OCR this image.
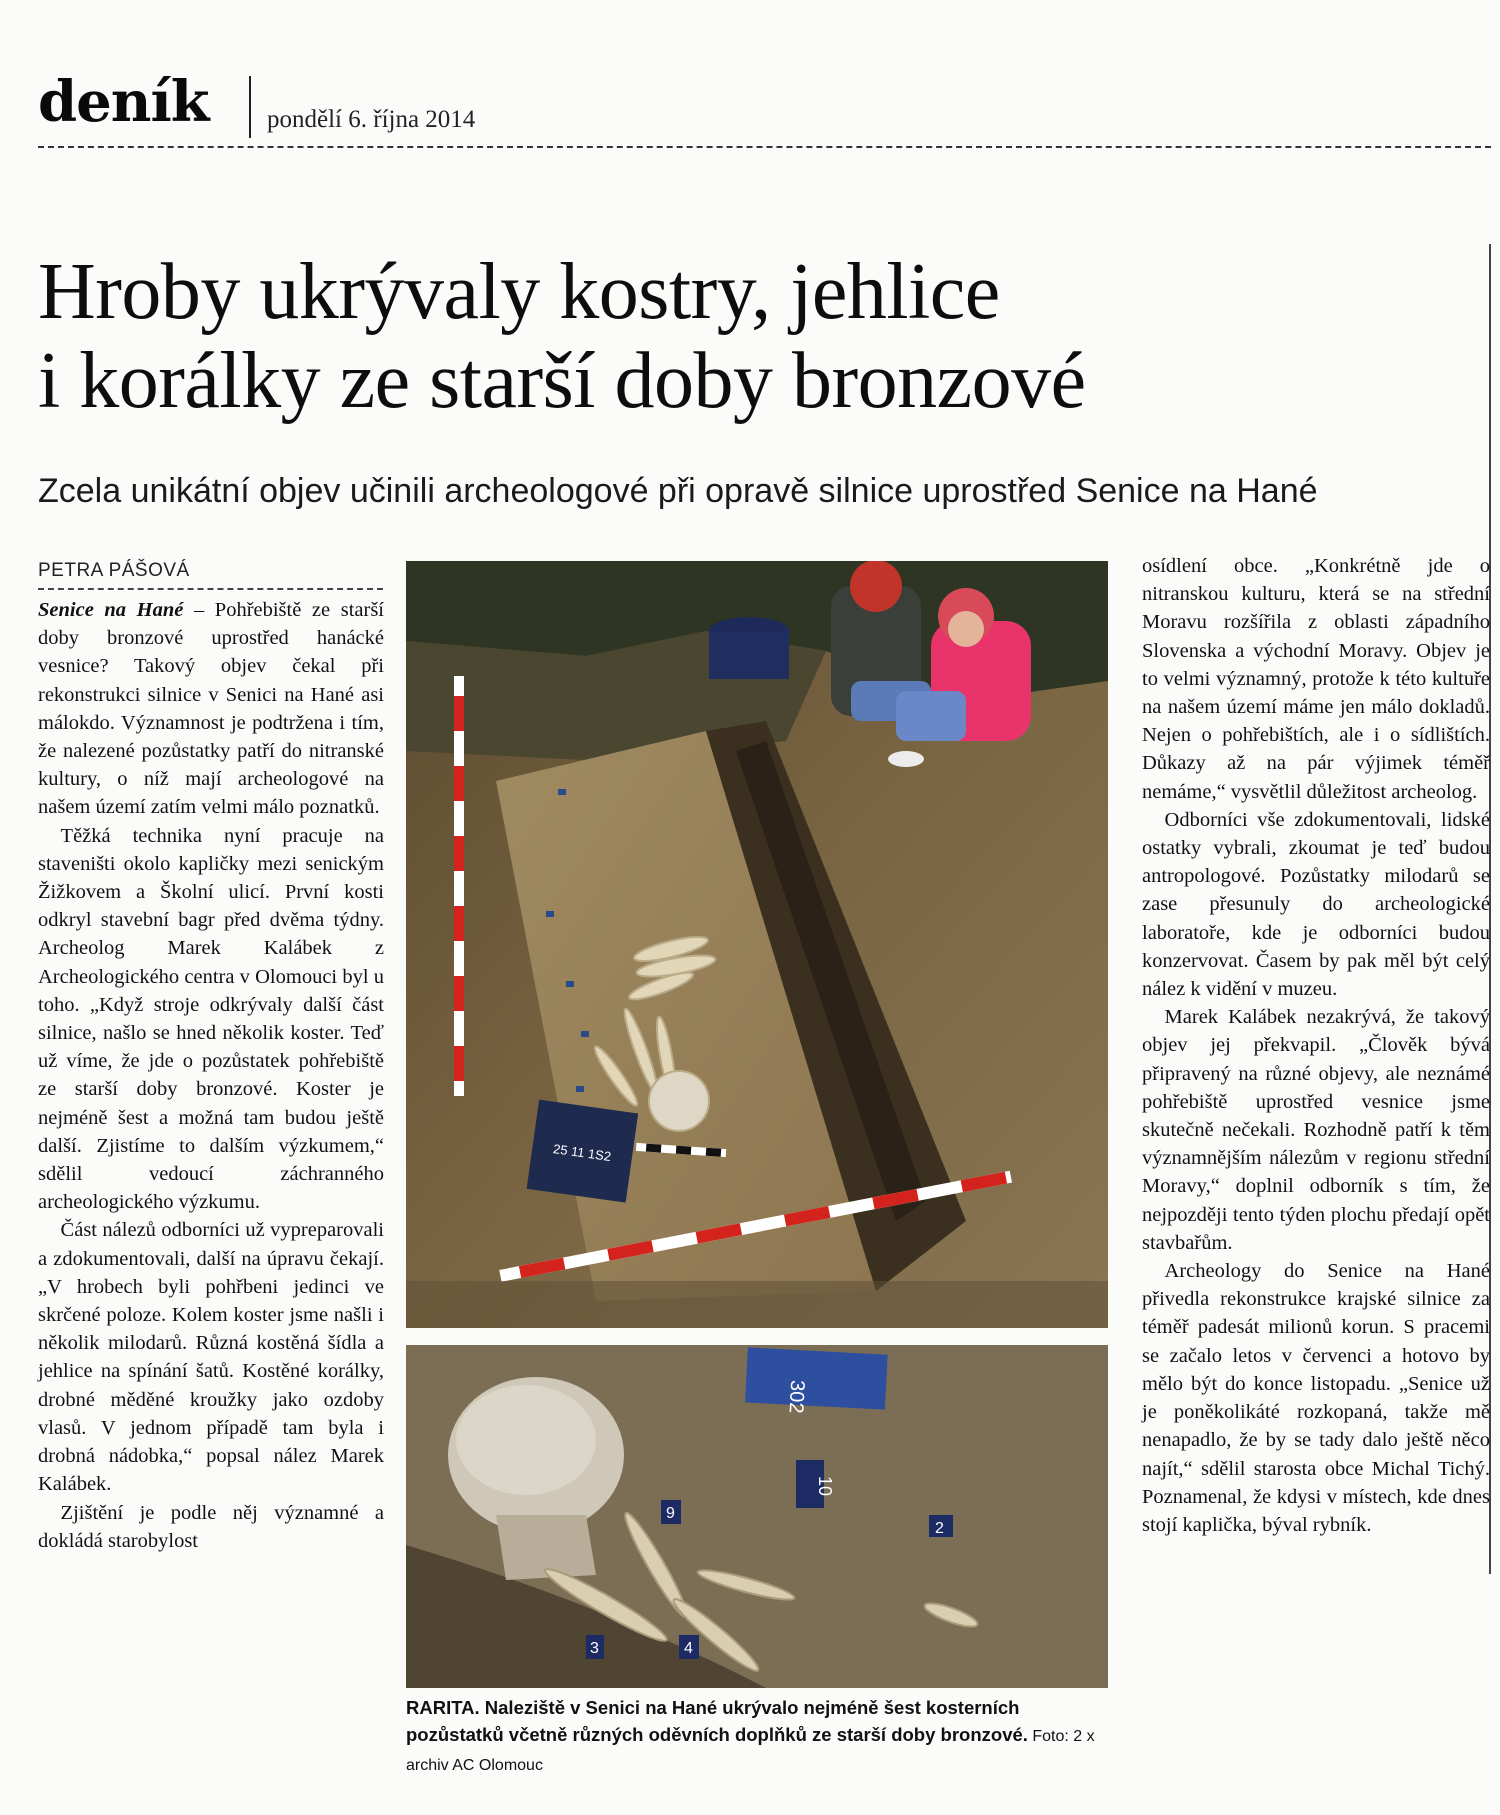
deník pondělí 6. října 2014
Hroby ukrývaly kostry, jehlice
i korálky ze starší doby bronzové
Zcela unikátní objev učinili archeologové při opravě silnice uprostřed Senice na Hané
PETRA PÁŠOVÁ

Senice na Hané – Pohřebiště ze starší doby bronzové uprostřed hanácké vesnice? Takový objev čekal při rekonstrukci silnice v Senici na Hané asi málokdo. Významnost je podtržena i tím, že nalezené pozůstatky patří do nitranské kultury, o níž mají archeologové na našem území zatím velmi málo poznatků.

Těžká technika nyní pracuje na staveništi okolo kapličky mezi senickým Žižkovem a Školní ulicí. První kosti odkryl stavební bagr před dvěma týdny. Archeolog Marek Kalábek z Archeologického centra v Olomouci byl u toho. „Když stroje odkrývaly další část silnice, našlo se hned několik koster. Teď už víme, že jde o pozůstatek pohřebiště ze starší doby bronzové. Koster je nejméně šest a možná tam budou ještě další. Zjistíme to dalším výzkumem,“ sdělil vedoucí záchranného archeologického výzkumu.

Část nálezů odborníci už vypreparovali a zdokumentovali, další na úpravu čekají. „V hrobech byli pohřbeni jedinci ve skrčené poloze. Kolem koster jsme našli i několik milodarů. Různá kostěná šídla a jehlice na spínání šatů. Kostěné korálky, drobné měděné kroužky jako ozdoby vlasů. V jednom případě tam byla i drobná nádobka,“ popsal nález Marek Kalábek.

Zjištění je podle něj významné a dokládá starobylost

25 11 1S2
302
10
9
2
3	4
RARITA. Naleziště v Senici na Hané ukrývalo nejméně šest kosterních pozůstatků včetně různých oděvních doplňků ze starší doby bronzové. Foto: 2 x archiv AC Olomouc

osídlení obce. „Konkrétně jde o nitranskou kulturu, která se na střední Moravu rozšířila z oblasti západního Slovenska a východní Moravy. Objev je to velmi významný, protože k této kultuře na našem území máme jen málo dokladů. Nejen o pohřebištích, ale i o sídlištích. Důkazy až na pár výjimek téměř nemáme,“ vysvětlil důležitost archeolog.

Odborníci vše zdokumentovali, lidské ostatky vybrali, zkoumat je teď budou antropologové. Pozůstatky milodarů se zase přesunuly do archeologické laboratoře, kde je odborníci budou konzervovat. Časem by pak měl být celý nález k vidění v muzeu.

Marek Kalábek nezakrývá, že takový objev jej překvapil. „Člověk bývá připravený na různé objevy, ale neznámé pohřebiště uprostřed vesnice jsme skutečně nečekali. Rozhodně patří k těm významnějším nálezům v regionu střední Moravy,“ doplnil odborník s tím, že nejpozději tento týden plochu předají opět stavbařům.

Archeology do Senice na Hané přivedla rekonstrukce krajské silnice za téměř padesát milionů korun. S pracemi se začalo letos v červenci a hotovo by mělo být do konce listopadu. „Senice už je poněkolikáté rozkopaná, takže mě nenapadlo, že by se tady dalo ještě něco najít,“ sdělil starosta obce Michal Tichý. Poznamenal, že kdysi v místech, kde dnes stojí kaplička, býval rybník.
